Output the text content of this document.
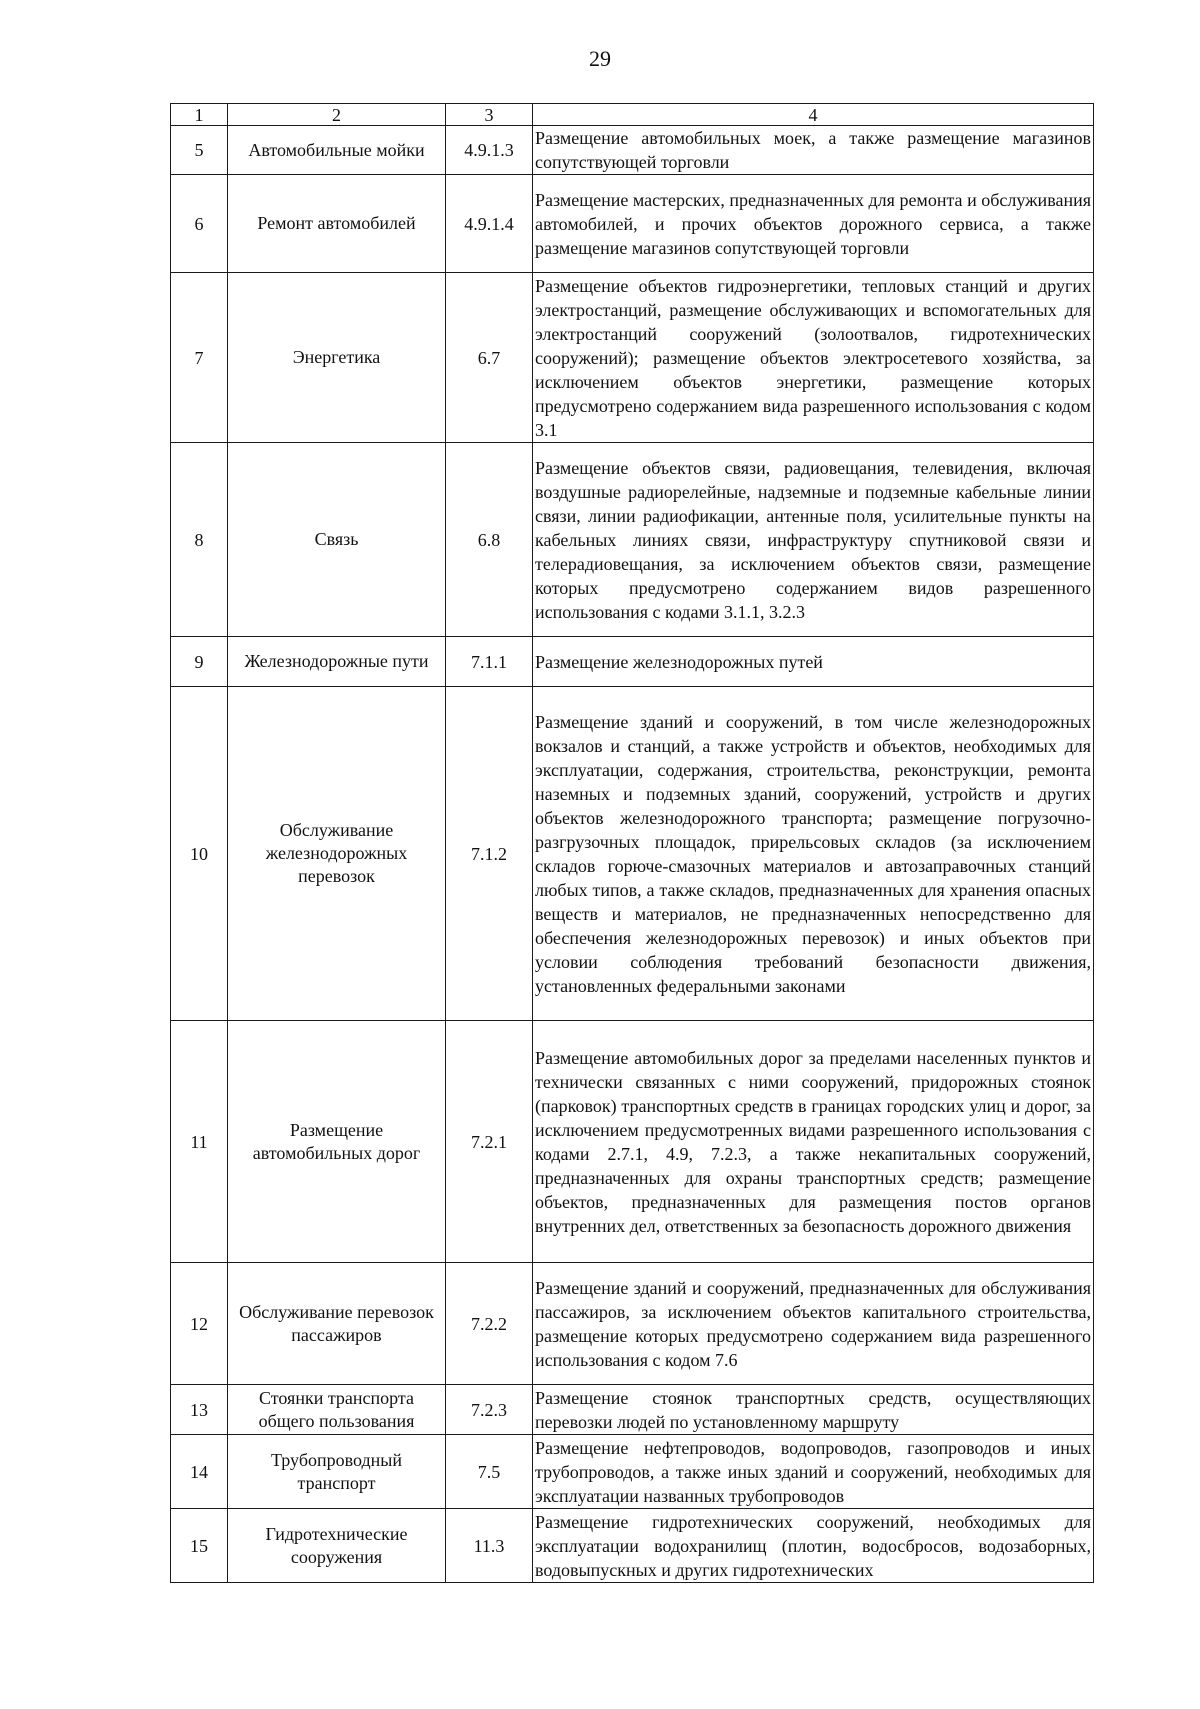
29
1	2	3	4
5	Автомобильные мойки	4.9.1.3	Размещение автомобильных моек, а также размещение магазинов сопутствующей торговли
6	Ремонт автомобилей	4.9.1.4	Размещение мастерских, предназначенных для ремонта и обслуживания автомобилей, и прочих объектов дорожного сервиса, а также размещение магазинов сопутствующей торговли
7	Энергетика	6.7	Размещение объектов гидроэнергетики, тепловых станций и других электростанций, размещение обслуживающих и вспомогательных для электростанций сооружений (золоотвалов, гидротехнических сооружений); размещение объектов электросетевого хозяйства, за исключением объектов энергетики, размещение которых предусмотрено содержанием вида разрешенного использования с кодом 3.1
8	Связь	6.8	Размещение объектов связи, радиовещания, телевидения, включая воздушные радиорелейные, надземные и подземные кабельные линии связи, линии радиофикации, антенные поля, усилительные пункты на кабельных линиях связи, инфраструктуру спутниковой связи и телерадиовещания, за исключением объектов связи, размещение которых предусмотрено содержанием видов разрешенного использования с кодами 3.1.1, 3.2.3
9	Железнодорожные пути	7.1.1	Размещение железнодорожных путей
10	Обслуживание железнодорожных перевозок	7.1.2	Размещение зданий и сооружений, в том числе железнодорожных вокзалов и станций, а также устройств и объектов, необходимых для эксплуатации, содержания, строительства, реконструкции, ремонта наземных и подземных зданий, сооружений, устройств и других объектов железнодорожного транспорта; размещение погрузочно-разгрузочных площадок, прирельсовых складов (за исключением складов горюче-смазочных материалов и автозаправочных станций любых типов, а также складов, предназначенных для хранения опасных веществ и материалов, не предназначенных непосредственно для обеспечения железнодорожных перевозок) и иных объектов при условии соблюдения требований безопасности движения, установленных федеральными законами
11	Размещение автомобильных дорог	7.2.1	Размещение автомобильных дорог за пределами населенных пунктов и технически связанных с ними сооружений, придорожных стоянок (парковок) транспортных средств в границах городских улиц и дорог, за исключением предусмотренных видами разрешенного использования с кодами 2.7.1, 4.9, 7.2.3, а также некапитальных сооружений, предназначенных для охраны транспортных средств; размещение объектов, предназначенных для размещения постов органов внутренних дел, ответственных за безопасность дорожного движения
12	Обслуживание перевозок пассажиров	7.2.2	Размещение зданий и сооружений, предназначенных для обслуживания пассажиров, за исключением объектов капитального строительства, размещение которых предусмотрено содержанием вида разрешенного использования с кодом 7.6
13	Стоянки транспорта общего пользования	7.2.3	Размещение стоянок транспортных средств, осуществляющих перевозки людей по установленному маршруту
14	Трубопроводный транспорт	7.5	Размещение нефтепроводов, водопроводов, газопроводов и иных трубопроводов, а также иных зданий и сооружений, необходимых для эксплуатации названных трубопроводов
15	Гидротехнические сооружения	11.3	Размещение гидротехнических сооружений, необходимых для эксплуатации водохранилищ (плотин, водосбросов, водозаборных, водовыпускных и других гидротехнических
